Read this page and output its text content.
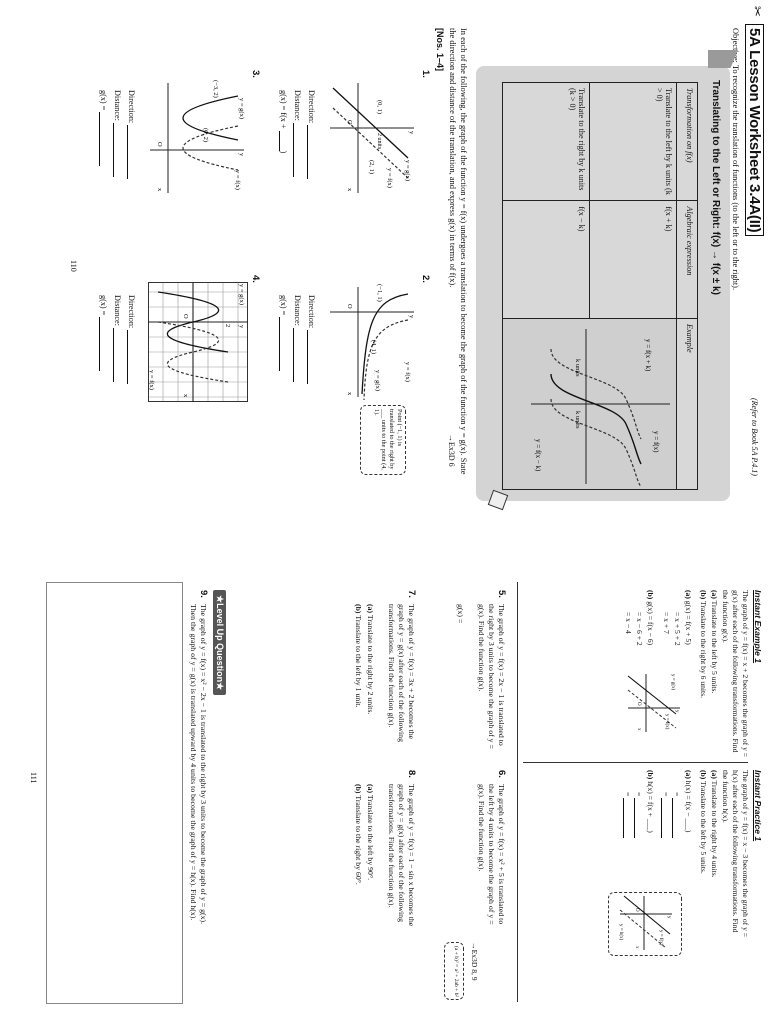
✂
5A Lesson Worksheet 3.4A(II)
(Refer to Book 5A P.4.1)
Objective: To recognize the translation of functions (to the left or to the right).
Translating to the Left or Right: f(x) → f(x ± k)
Transformation on f(x)	Algebraic expression	Example
Translate to the left by k units (k > 0)	f(x + k)	y = f(x + k)
y = f(x)
y = f(x − k)
k units
k units

Translate to the right by k units (k > 0)	f(x − k)	
In each of the following, the graph of the function y = f(x) undergoes a translation to become the graph of the function y = g(x). State the direction and distance of the translation, and express g(x) in terms of f(x).
→Ex3D 6
[Nos. 1–4]
1.
y = g(x)
y = f(x)
(0, 1)
(2, 1)
2 units
O
x
y
Direction:
Distance:
g(x) = f(x + )
2.
y = f(x)
y = g(x)
(−1, 1)
(4, 1)
O
x
y
Point (−1, 1) is translated to the right by ___ units to the point (4, 1).
Direction:
Distance:
g(x) =
3.
y = g(x)
y = f(x)
(−3, 2)
(0, 2)
O
x
y
Direction:
Distance:
g(x) =
4.
y = g(x)
y = f(x)
2
O
x
y
Direction:
Distance:
g(x) =
110
Instant Example 1
The graph of y = f(x) = x + 2 becomes the graph of y = g(x) after each of the following transformations. Find the function g(x).
(a) Translate to the left by 5 units.
(b) Translate to the right by 6 units.
(a) g(x) = f(x + 5)
= x + 5 + 2
= x + 7
(b) g(x) = f(x − 6)
= x − 6 + 2
= x − 4
y = g(x)
y = f(x)
O
x
y
Instant Practice 1
The graph of y = f(x) = x − 3 becomes the graph of y = h(x) after each of the following transformations. Find the function h(x).
(a) Translate to the right by 4 units.
(b) Translate to the left by 5 units.
(a) h(x) = f(x − ___)
=
=
(b) h(x) = f(x + ___)
=
=
y = h(x)	y = f(x)
O
x
y
5.
The graph of y = f(x) = 2x − 1 is translated to the right by 3 units to become the graph of y = g(x). Find the function g(x).
g(x) =
6.
The graph of y = f(x) = x² + 5 is translated to the left by 4 units to become the graph of y = g(x). Find the function g(x).
→Ex3D 8, 9
(a + b)² = a² + 2ab + b²
7.
The graph of y = f(x) = 3x + 2 becomes the graph of y = g(x) after each of the following transformations. Find the function g(x).
(a) Translate to the right by 2 units.
(b) Translate to the left by 1 unit.
8.
The graph of y = f(x) = 1 − sin x becomes the graph of y = g(x) after each of the following transformations. Find the function g(x).
(a) Translate to the left by 90°.
(b) Translate to the right by 60°.
★Level Up Question★
9.
The graph of y = f(x) = x² − 2x − 1 is translated to the right by 3 units to become the graph of y = g(x). Then the graph of y = g(x) is translated upward by 4 units to become the graph of y = h(x). Find h(x).
111
